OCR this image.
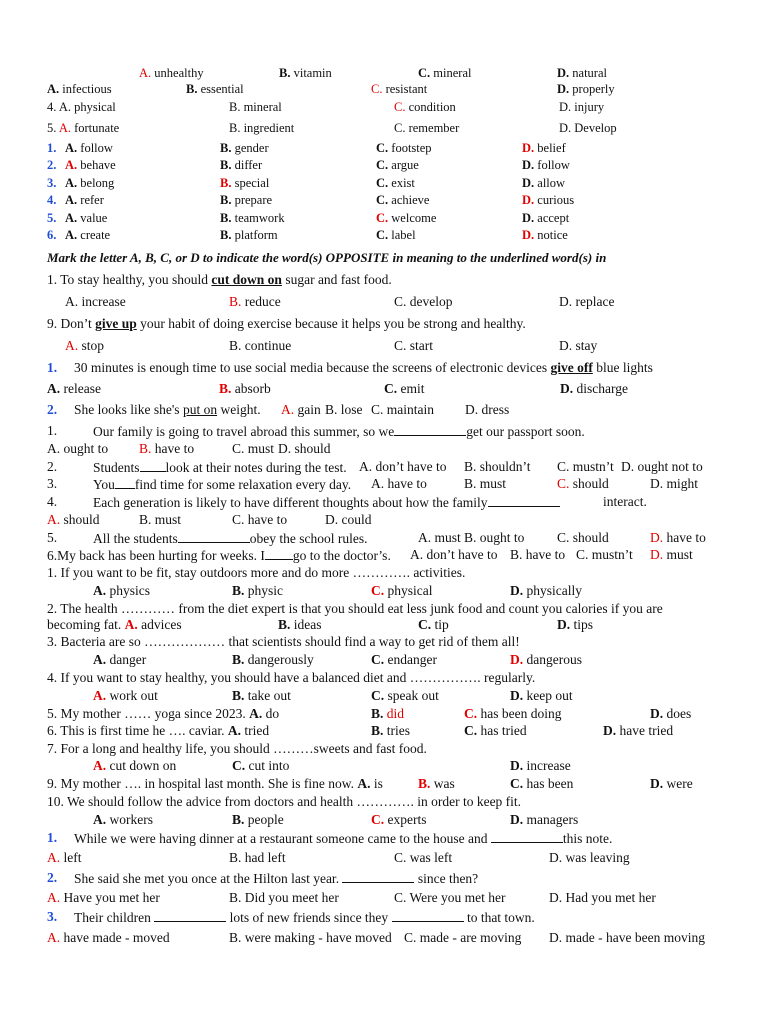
A. unhealthy	B. vitamin	C. mineral	D. natural
A. infectious	B. essential	C. resistant	D. properly
4. A. physical	B. mineral	C. condition	D. injury
5. A. fortunate	B. ingredient	C. remember	D. Develop
1. A. follow	B. gender	C. footstep	D. belief
2. A. behave	B. differ	C. argue	D. follow
3. A. belong	B. special	C. exist	D. allow
4. A. refer	B. prepare	C. achieve	D. curious
5. A. value	B. teamwork	C. welcome	D. accept
6. A. create	B. platform	C. label	D. notice
Mark the letter A, B, C, or D to indicate the word(s) OPPOSITE in meaning to the underlined word(s) in
1. To stay healthy, you should cut down on sugar and fast food.
A. increase	B. reduce	C. develop	D. replace
9. Don’t give up your habit of doing exercise because it helps you be strong and healthy.
A. stop	B. continue	C. start	D. stay
1. 30 minutes is enough time to use social media because the screens of electronic devices give off blue lights
A. release	B. absorb	C. emit	D. discharge
2. She looks like she's put on weight. A. gain B. lose C. maintain D. dress
1.	Our family is going to travel abroad this summer, so we	get our passport soon.
A. ought to B. have to	C. must D. should
2.	Students look at their notes during the test. A. don’t have to B. shouldn’t C. mustn’t D. ought not to
3.	You find time for some relaxation every day. A. have to	B. must	C. should	D. might
4.	Each generation is likely to have different thoughts about how the family	interact.
A. should	B. must	C. have to	D. could
5.	All the students	obey the school rules.	A. must B. ought to C. should	D. have to
6.My back has been hurting for weeks. I go to the doctor’s. A. don’t have to B. have to C. mustn’t D. must
1. If you want to be fit, stay outdoors more and do more …………. activities.
A. physics	B. physic	C. physical	D. physically
2. The health ………… from the diet expert is that you should eat less junk food and count you calories if you are
becoming fat. A. advices	B. ideas	C. tip	D. tips
3. Bacteria are so ……………… that scientists should find a way to get rid of them all!
A. danger	B. dangerously	C. endanger	D. dangerous
4. If you want to stay healthy, you should have a balanced diet and ……………. regularly.
A. work out	B. take out	C. speak out	D. keep out
5. My mother …… yoga since 2023. A. do	B. did	C. has been doing	D. does
6. This is first time he …. caviar. A. tried	B. tries	C. has tried	D. have tried
7. For a long and healthy life, you should ………sweets and fast food.
A. cut down on	C. cut into	D. increase
9. My mother …. in hospital last month. She is fine now. A. is	B. was	C. has been	D. were
10. We should follow the advice from doctors and health …………. in order to keep fit.
A. workers	B. people	C. experts	D. managers
1. While we were having dinner at a restaurant someone came to the house and	this note.
A. left	B. had left	C. was left	D. was leaving
2. She said she met you once at the Hilton last year.	since then?
A. Have you met her	B. Did you meet her	C. Were you met her	D. Had you met her
3. Their children	lots of new friends since they	to that town.
A. have made - moved	B. were making - have moved C. made - are moving D. made - have been moving
